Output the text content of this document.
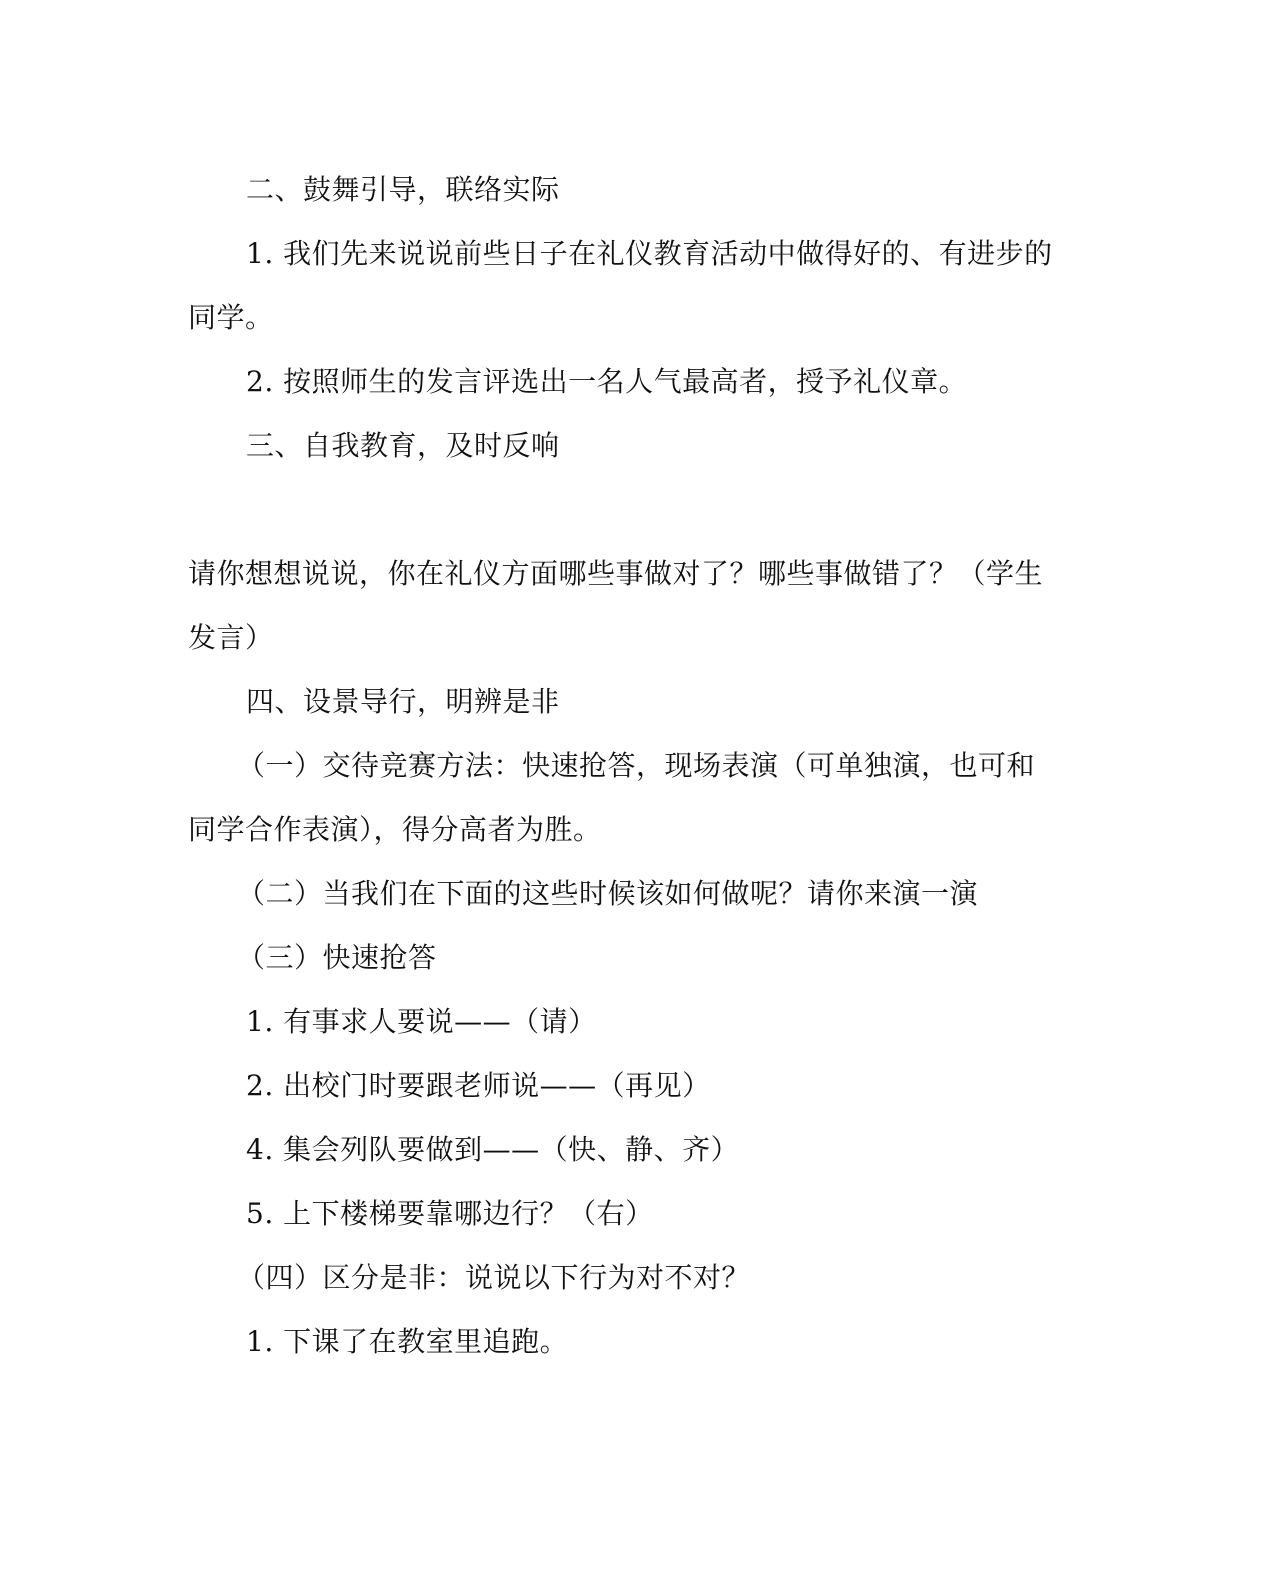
二、鼓舞引导，联络实际
1. 我们先来说说前些日子在礼仪教育活动中做得好的、有进步的
同学。
2. 按照师生的发言评选出一名人气最高者，授予礼仪章。
三、自我教育，及时反响
请你想想说说，你在礼仪方面哪些事做对了？哪些事做错了？（学生
发言）
四、设景导行，明辨是非
（一）交待竞赛方法：快速抢答，现场表演（可单独演，也可和
同学合作表演），得分高者为胜。
（二）当我们在下面的这些时候该如何做呢？请你来演一演
（三）快速抢答
1. 有事求人要说——（请）
2. 出校门时要跟老师说——（再见）
4. 集会列队要做到——（快、静、齐）
5. 上下楼梯要靠哪边行？（右）
（四）区分是非：说说以下行为对不对？
1. 下课了在教室里追跑。
